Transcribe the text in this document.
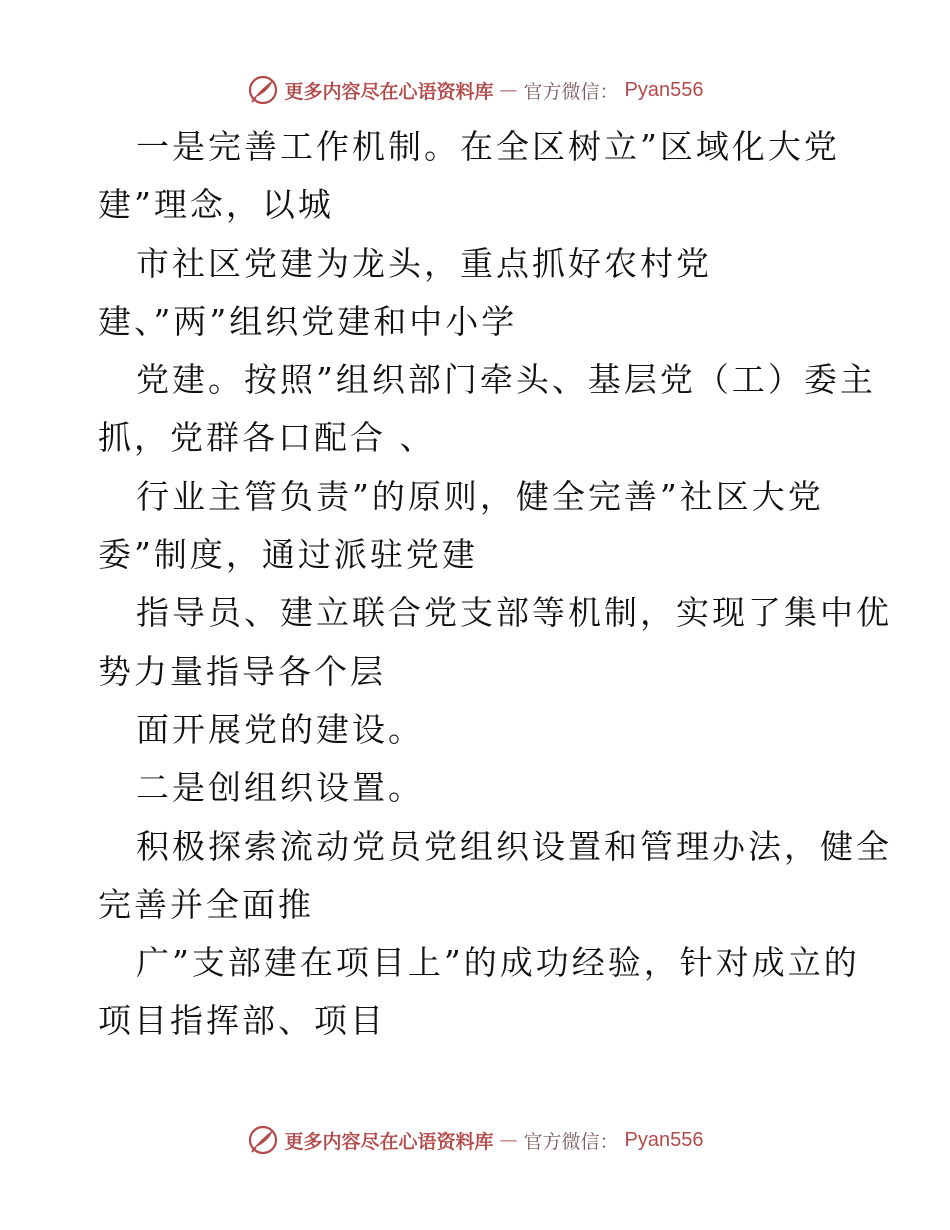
更多内容尽在心语资料库 — 官方微信： Pyan556
一是完善工作机制。在全区树立”区域化大党
建”理念，以城
市社区党建为龙头，重点抓好农村党
建、”两”组织党建和中小学
党建。按照”组织部门牵头、基层党（工）委主
抓，党群各口配合 、
行业主管负责”的原则，健全完善”社区大党
委”制度，通过派驻党建
指导员、建立联合党支部等机制，实现了集中优
势力量指导各个层
面开展党的建设。
二是创组织设置。
积极探索流动党员党组织设置和管理办法，健全
完善并全面推
广”支部建在项目上”的成功经验，针对成立的
项目指挥部、项目
更多内容尽在心语资料库 — 官方微信： Pyan556
